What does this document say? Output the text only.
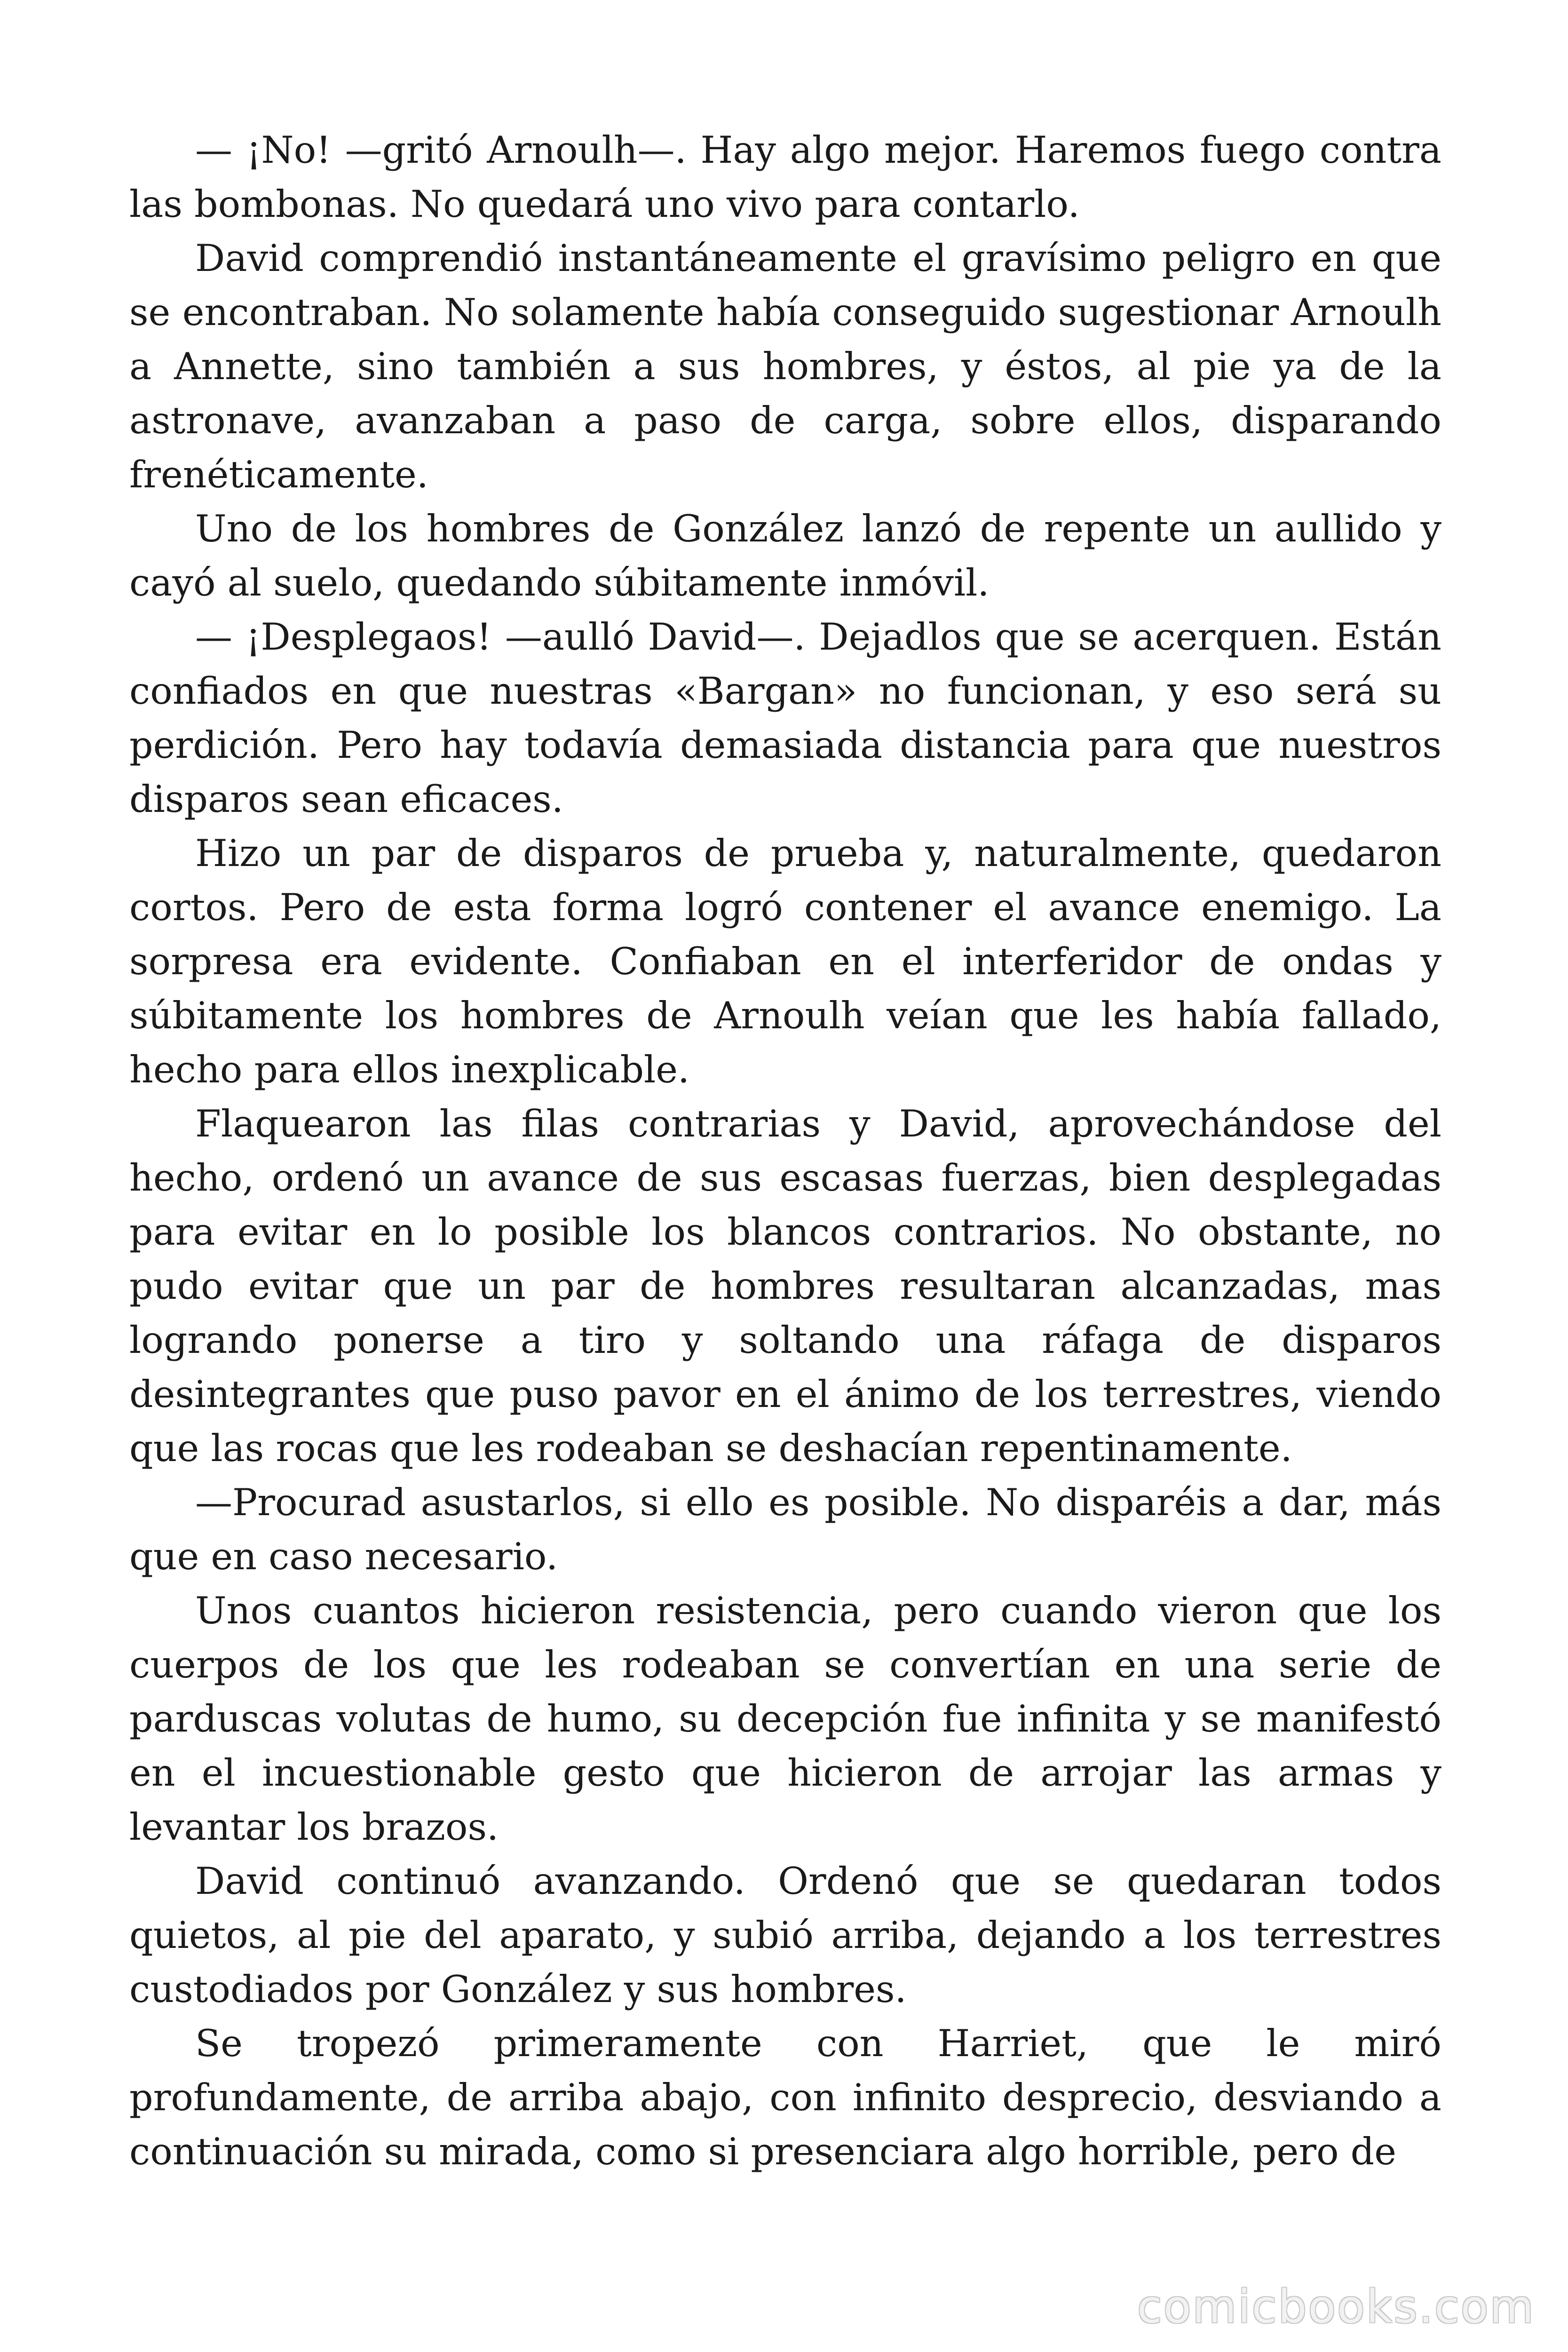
— ¡No! —gritó Arnoulh—. Hay algo mejor. Haremos fuego contra las bombonas. No quedará uno vivo para contarlo.

David comprendió instantáneamente el gravísimo peligro en que se encontraban. No solamente había conseguido sugestionar Arnoulh a Annette, sino también a sus hombres, y éstos, al pie ya de la astronave, avanzaban a paso de carga, sobre ellos, disparando frenéticamente.

Uno de los hombres de González lanzó de repente un aullido y cayó al suelo, quedando súbitamente inmóvil.

— ¡Desplegaos! —aulló David—. Dejadlos que se acerquen. Están confiados en que nuestras «Bargan» no funcionan, y eso será su perdición. Pero hay todavía demasiada distancia para que nuestros disparos sean eficaces.

Hizo un par de disparos de prueba y, naturalmente, quedaron cortos. Pero de esta forma logró contener el avance enemigo. La sorpresa era evidente. Confiaban en el interferidor de ondas y súbitamente los hombres de Arnoulh veían que les había fallado, hecho para ellos inexplicable.

Flaquearon las filas contrarias y David, aprovechándose del hecho, ordenó un avance de sus escasas fuerzas, bien desplegadas para evitar en lo posible los blancos contrarios. No obstante, no pudo evitar que un par de hombres resultaran alcanzadas, mas logrando ponerse a tiro y soltando una ráfaga de disparos desintegrantes que puso pavor en el ánimo de los terrestres, viendo que las rocas que les rodeaban se deshacían repentinamente.

—Procurad asustarlos, si ello es posible. No disparéis a dar, más que en caso necesario.

Unos cuantos hicieron resistencia, pero cuando vieron que los cuerpos de los que les rodeaban se convertían en una serie de parduscas volutas de humo, su decepción fue infinita y se manifestó en el incuestionable gesto que hicieron de arrojar las armas y levantar los brazos.

David continuó avanzando. Ordenó que se quedaran todos quietos, al pie del aparato, y subió arriba, dejando a los terrestres custodiados por González y sus hombres.

Se tropezó primeramente con Harriet, que le miró profundamente, de arriba abajo, con infinito desprecio, desviando a continuación su mirada, como si presenciara algo horrible, pero de

comicbooks.com
